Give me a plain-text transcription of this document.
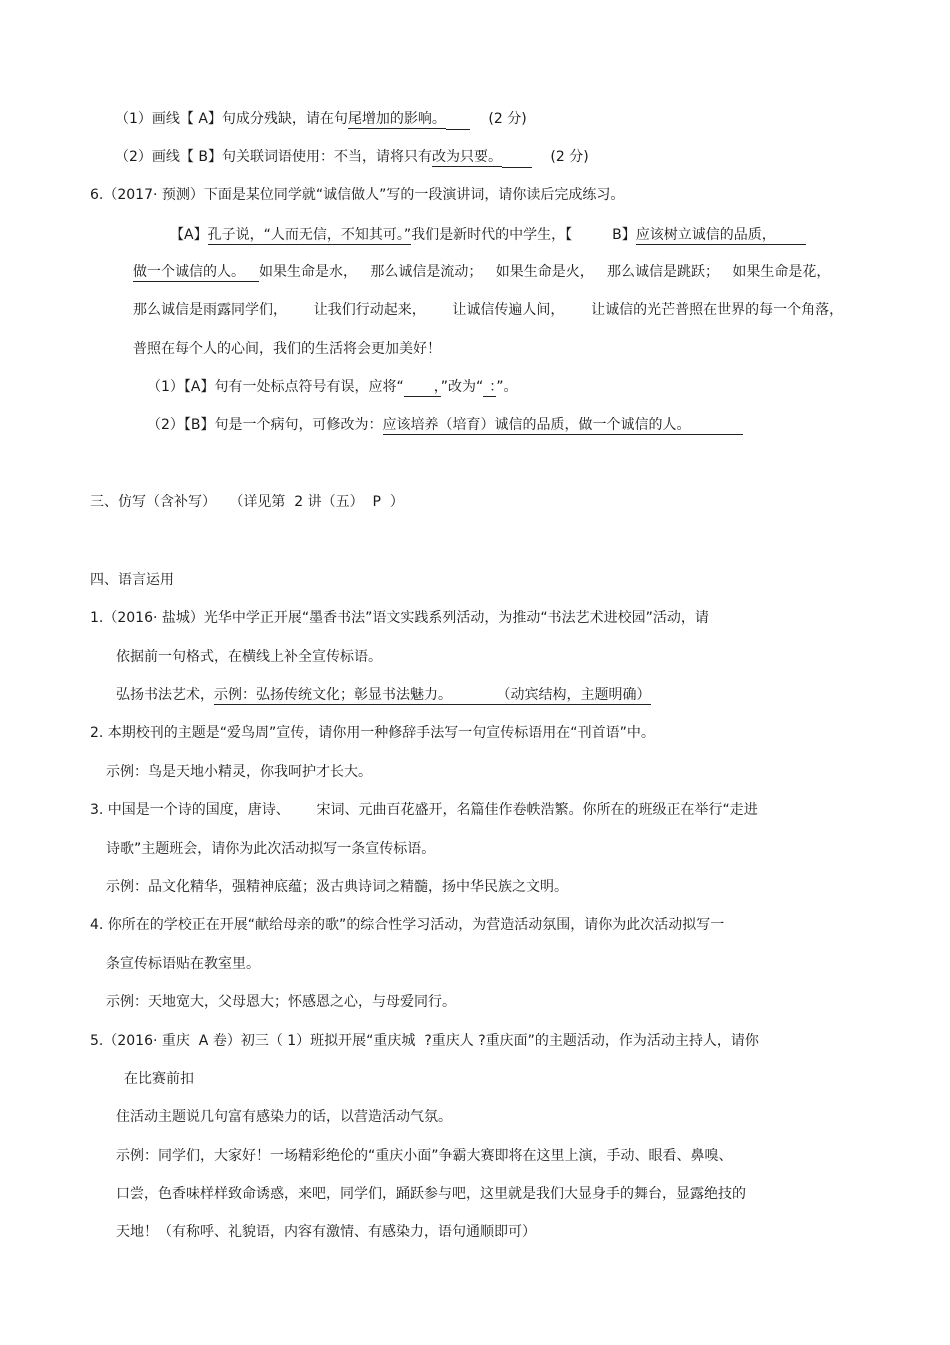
（1）画线【 A】句成分残缺，请在句尾增加的影响。	(2 分)
（2）画线【 B】句关联词语使用：不当，请将只有改为只要。	(2 分)
6.（2017· 预测）下面是某位同学就“诚信做人”写的一段演讲词，请你读后完成练习。
【A】孔子说，“人而无信，不知其可。”我们是新时代的中学生，【	B】应该树立诚信的品质，
做一个诚信的人。 如果生命是水，   那么诚信是流动；   如果生命是火，   那么诚信是跳跃；   如果生命是花，
那么诚信是雨露同学们，      让我们行动起来，      让诚信传遍人间，      让诚信的光芒普照在世界的每一个角落，
普照在每个人的心间，我们的生活将会更加美好！
（1）【A】句有一处标点符号有误，应将“ ，”改为“ ：”。
（2）【B】句是一个病句，可修改为：应该培养（培育）诚信的品质，做一个诚信的人。
三、仿写（含补写）   （详见第  2 讲（五）  P  ）
四、语言运用
1.（2016· 盐城）光华中学正开展“墨香书法”语文实践系列活动，为推动“书法艺术进校园”活动，请
依据前一句格式，在横线上补全宣传标语。
弘扬书法艺术，示例：弘扬传统文化；彰显书法魅力。          （动宾结构，主题明确）
2. 本期校刊的主题是“爱鸟周”宣传，请你用一种修辞手法写一句宣传标语用在“刊首语”中。
示例：鸟是天地小精灵，你我呵护才长大。
3. 中国是一个诗的国度，唐诗、      宋词、元曲百花盛开，名篇佳作卷帙浩繁。你所在的班级正在举行“走进
诗歌”主题班会，请你为此次活动拟写一条宣传标语。
示例：品文化精华，强精神底蕴；汲古典诗词之精髓，扬中华民族之文明。
4. 你所在的学校正在开展“献给母亲的歌”的综合性学习活动，为营造活动氛围，请你为此次活动拟写一
条宣传标语贴在教室里。
示例：天地宽大，父母恩大；怀感恩之心，与母爱同行。
5.（2016· 重庆  A 卷）初三（ 1）班拟开展“重庆城  ?重庆人 ?重庆面”的主题活动，作为活动主持人，请你
在比赛前扣
住活动主题说几句富有感染力的话，以营造活动气氛。
示例：同学们，大家好！一场精彩绝伦的“重庆小面”争霸大赛即将在这里上演，手动、眼看、鼻嗅、
口尝，色香味样样致命诱惑，来吧，同学们，踊跃参与吧，这里就是我们大显身手的舞台，显露绝技的
天地！（有称呼、礼貌语，内容有激情、有感染力，语句通顺即可）
